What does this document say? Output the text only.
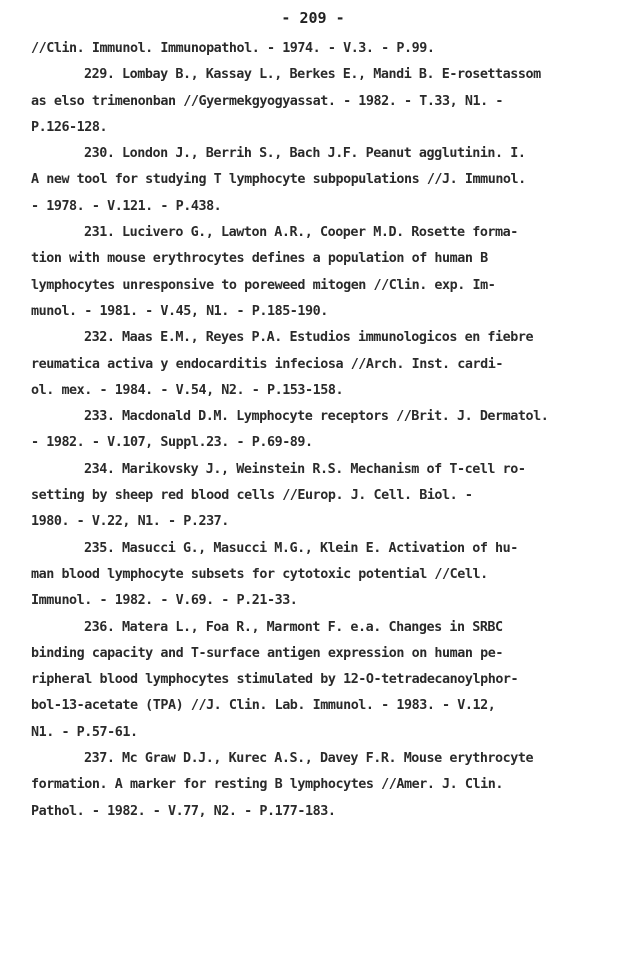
- 209 -
//Clin. Immunol. Immunopathol. - 1974. - V.3. - P.99.
229. Lombay B., Kassay L., Berkes E., Mandi B. E-rosettassom
as elso trimenonban //Gyermekgyogyassat. - 1982. - T.33, N1. -
P.126-128.
230. London J., Berrih S., Bach J.F. Peanut agglutinin. I.
A new tool for studying T lymphocyte subpopulations //J. Immunol.
- 1978. - V.121. - P.438.
231. Lucivero G., Lawton A.R., Cooper M.D. Rosette forma-
tion with mouse erythrocytes defines a population of human B
lymphocytes unresponsive to poreweed mitogen //Clin. exp. Im-
munol. - 1981. - V.45, N1. - P.185-190.
232. Maas E.M., Reyes P.A. Estudios immunologicos en fiebre
reumatica activa y endocarditis infeciosa //Arch. Inst. cardi-
ol. mex. - 1984. - V.54, N2. - P.153-158.
233. Macdonald D.M. Lymphocyte receptors //Brit. J. Dermatol.
- 1982. - V.107, Suppl.23. - P.69-89.
234. Marikovsky J., Weinstein R.S. Mechanism of T-cell ro-
setting by sheep red blood cells //Europ. J. Cell. Biol. -
1980. - V.22, N1. - P.237.
235. Masucci G., Masucci M.G., Klein E. Activation of hu-
man blood lymphocyte subsets for cytotoxic potential //Cell.
Immunol. - 1982. - V.69. - P.21-33.
236. Matera L., Foa R., Marmont F. e.a. Changes in SRBC
binding capacity and T-surface antigen expression on human pe-
ripheral blood lymphocytes stimulated by 12-O-tetradecanoylphor-
bol-13-acetate (TPA) //J. Clin. Lab. Immunol. - 1983. - V.12,
N1. - P.57-61.
237. Mc Graw D.J., Kurec A.S., Davey F.R. Mouse erythrocyte
formation. A marker for resting B lymphocytes //Amer. J. Clin.
Pathol. - 1982. - V.77, N2. - P.177-183.
